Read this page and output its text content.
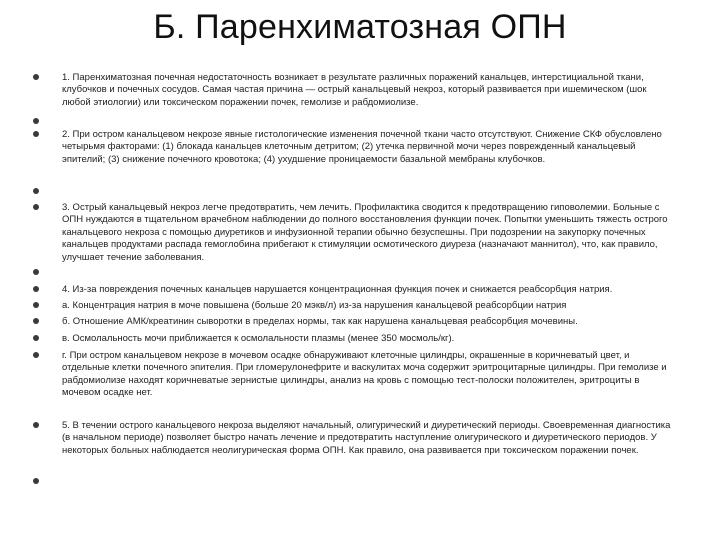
Б. Паренхиматозная ОПН

1. Паренхиматозная почечная недостаточность возникает в результате различных поражений канальцев, интерстициальной ткани, клубочков и почечных сосудов. Самая частая причина — острый канальцевый некроз, который развивается при ишемическом (шок любой этиологии) или токсическом поражении почек, гемолизе и рабдомиолизе.

2. При остром канальцевом некрозе явные гистологические изменения почечной ткани часто отсутствуют. Снижение СКФ обусловлено четырьмя факторами: (1) блокада канальцев клеточным детритом; (2) утечка первичной мочи через поврежденный канальцевый эпителий; (3) снижение почечного кровотока; (4) ухудшение проницаемости базальной мембраны клубочков.

3. Острый канальцевый некроз легче предотвратить, чем лечить. Профилактика сводится к предотвращению гиповолемии. Больные с ОПН нуждаются в тщательном врачебном наблюдении до полного восстановления функции почек. Попытки уменьшить тяжесть острого канальцевого некроза с помощью диуретиков и инфузионной терапии обычно безуспешны. При подозрении на закупорку почечных канальцев продуктами распада гемоглобина прибегают к стимуляции осмотического диуреза (назначают маннитол), что, как правило, улучшает течение заболевания.

4. Из-за повреждения почечных канальцев нарушается концентрационная функция почек и снижается реабсорбция натрия.

а. Концентрация натрия в моче повышена (больше 20 мэкв/л) из-за нарушения канальцевой реабсорбции натрия

б. Отношение АМК/креатинин сыворотки в пределах нормы, так как нарушена канальцевая реабсорбция мочевины.

в. Осмолальность мочи приближается к осмолальности плазмы (менее 350 мосмоль/кг).

г. При остром канальцевом некрозе в мочевом осадке обнаруживают клеточные цилиндры, окрашенные в коричневатый цвет, и отдельные клетки почечного эпителия. При гломерулонефрите и васкулитах моча содержит эритроцитарные цилиндры. При гемолизе и рабдомиолизе находят коричневатые зернистые цилиндры, анализ на кровь с помощью тест-полоски положителен, эритроциты в мочевом осадке нет.

5. В течении острого канальцевого некроза выделяют начальный, олигурический и диуретический периоды. Своевременная диагностика (в начальном периоде) позволяет быстро начать лечение и предотвратить наступление олигурического и диуретического периодов. У некоторых больных наблюдается неолигурическая форма ОПН. Как правило, она развивается при токсическом поражении почек.
